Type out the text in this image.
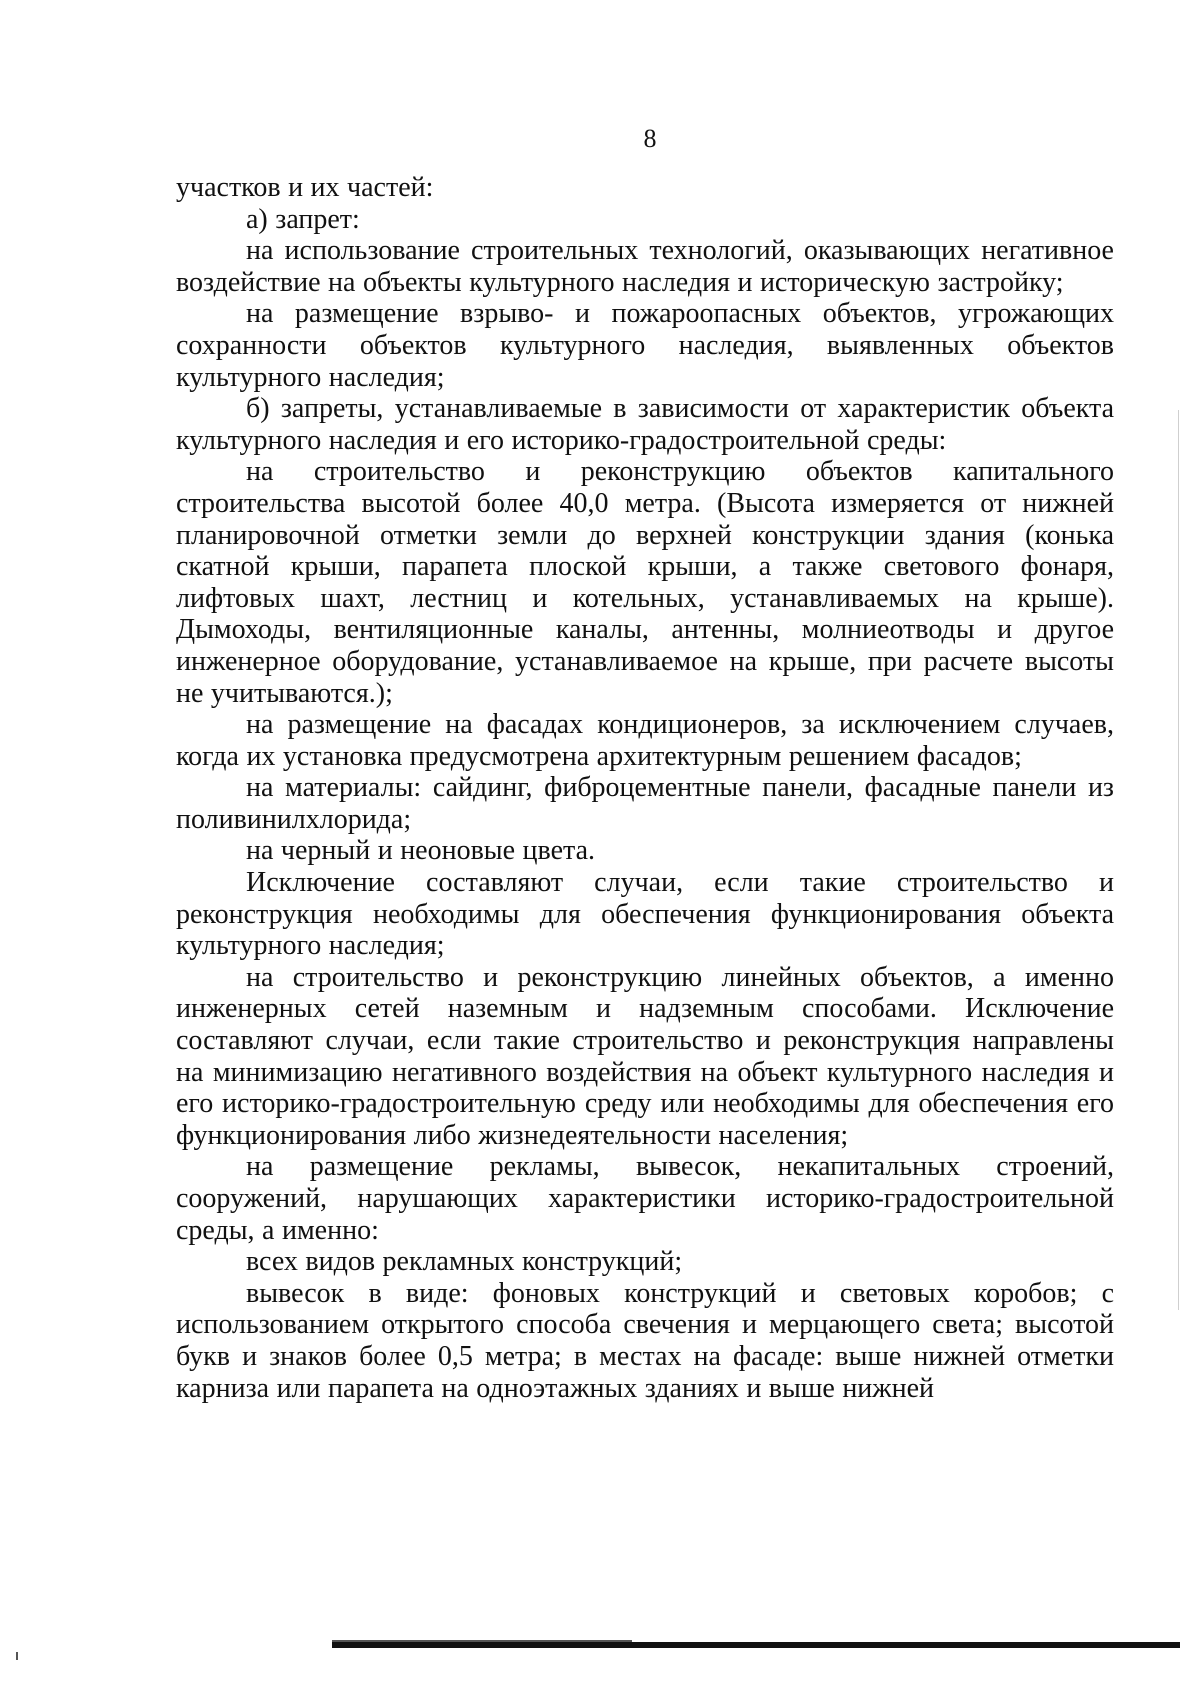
8

участков и их частей:

а) запрет:

на использование строительных технологий, оказывающих негативное воздействие на объекты культурного наследия и историческую застройку;

на размещение взрыво- и пожароопасных объектов, угрожающих сохранности объектов культурного наследия, выявленных объектов культурного наследия;

б) запреты, устанавливаемые в зависимости от характеристик объекта культурного наследия и его историко-градостроительной среды:

на строительство и реконструкцию объектов капитального строительства высотой более 40,0 метра. (Высота измеряется от нижней планировочной отметки земли до верхней конструкции здания (конька скатной крыши, парапета плоской крыши, а также светового фонаря, лифтовых шахт, лестниц и котельных, устанавливаемых на крыше). Дымоходы, вентиляционные каналы, антенны, молниеотводы и другое инженерное оборудование, устанавливаемое на крыше, при расчете высоты не учитываются.);

на размещение на фасадах кондиционеров, за исключением случаев, когда их установка предусмотрена архитектурным решением фасадов;

на материалы: сайдинг, фиброцементные панели, фасадные панели из поливинилхлорида;

на черный и неоновые цвета.

Исключение составляют случаи, если такие строительство и реконструкция необходимы для обеспечения функционирования объекта культурного наследия;

на строительство и реконструкцию линейных объектов, а именно инженерных сетей наземным и надземным способами. Исключение составляют случаи, если такие строительство и реконструкция направлены на минимизацию негативного воздействия на объект культурного наследия и его историко-градостроительную среду или необходимы для обеспечения его функционирования либо жизнедеятельности населения;

на размещение рекламы, вывесок, некапитальных строений, сооружений, нарушающих характеристики историко-градостроительной среды, а именно:

всех видов рекламных конструкций;

вывесок в виде: фоновых конструкций и световых коробов; с использованием открытого способа свечения и мерцающего света; высотой букв и знаков более 0,5 метра; в местах на фасаде: выше нижней отметки карниза или парапета на одноэтажных зданиях и выше нижней
